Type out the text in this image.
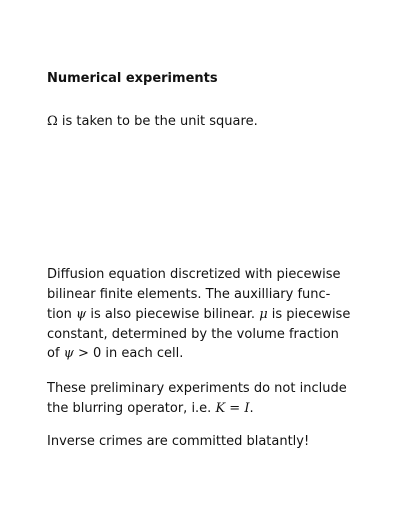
Numerical experiments
Ω is taken to be the unit square.
Diffusion equation discretized with piecewise
bilinear finite elements. The auxilliary func-
tion ψ is also piecewise bilinear. μ is piecewise
constant, determined by the volume fraction
of ψ > 0 in each cell.
These preliminary experiments do not include
the blurring operator, i.e. K = I.
Inverse crimes are committed blatantly!
